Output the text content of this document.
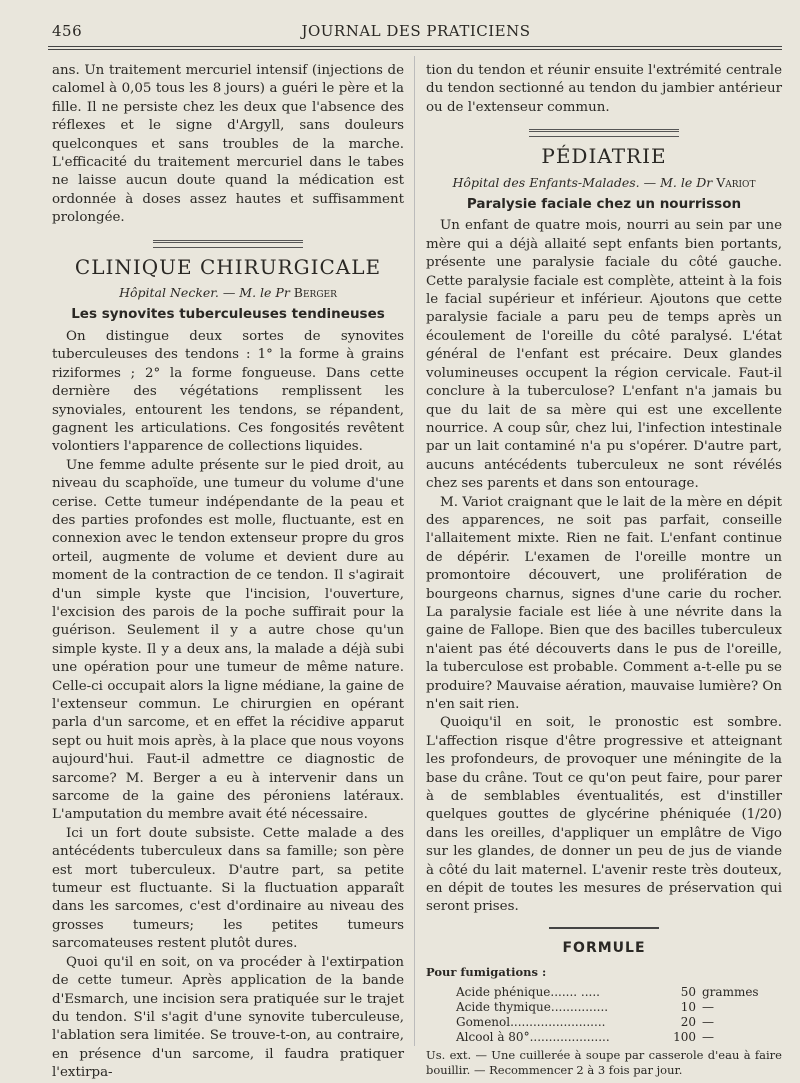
456	JOURNAL DES PRATICIENS

ans. Un traitement mercuriel intensif (injections de calomel à 0,05 tous les 8 jours) a guéri le père et la fille. Il ne persiste chez les deux que l'absence des réflexes et le signe d'Argyll, sans douleurs quelconques et sans troubles de la marche. L'efficacité du traitement mercuriel dans le tabes ne laisse aucun doute quand la médication est ordonnée à doses assez hautes et suffisamment prolongée.

CLINIQUE CHIRURGICALE
Hôpital Necker. — M. le Pr Berger
Les synovites tuberculeuses tendineuses

On distingue deux sortes de synovites tuberculeuses des tendons : 1° la forme à grains riziformes ; 2° la forme fongueuse. Dans cette dernière des végétations remplissent les synoviales, entourent les tendons, se répandent, gagnent les articulations. Ces fongosités revêtent volontiers l'apparence de collections liquides.

Une femme adulte présente sur le pied droit, au niveau du scaphoïde, une tumeur du volume d'une cerise. Cette tumeur indépendante de la peau et des parties profondes est molle, fluctuante, est en connexion avec le tendon extenseur propre du gros orteil, augmente de volume et devient dure au moment de la contraction de ce tendon. Il s'agirait d'un simple kyste que l'incision, l'ouverture, l'excision des parois de la poche suffirait pour la guérison. Seulement il y a autre chose qu'un simple kyste. Il y a deux ans, la malade a déjà subi une opération pour une tumeur de même nature. Celle-ci occupait alors la ligne médiane, la gaine de l'extenseur commun. Le chirurgien en opérant parla d'un sarcome, et en effet la récidive apparut sept ou huit mois après, à la place que nous voyons aujourd'hui. Faut-il admettre ce diagnostic de sarcome? M. Berger a eu à intervenir dans un sarcome de la gaine des péroniens latéraux. L'amputation du membre avait été nécessaire.

Ici un fort doute subsiste. Cette malade a des antécédents tuberculeux dans sa famille; son père est mort tuberculeux. D'autre part, sa petite tumeur est fluctuante. Si la fluctuation apparaît dans les sarcomes, c'est d'ordinaire au niveau des grosses tumeurs; les petites tumeurs sarcomateuses restent plutôt dures.

Quoi qu'il en soit, on va procéder à l'extirpation de cette tumeur. Après application de la bande d'Esmarch, une incision sera pratiquée sur le trajet du tendon. S'il s'agit d'une synovite tuberculeuse, l'ablation sera limitée. Se trouve-t-on, au contraire, en présence d'un sarcome, il faudra pratiquer l'extirpa-

tion du tendon et réunir ensuite l'extrémité centrale du tendon sectionné au tendon du jambier antérieur ou de l'extenseur commun.

PÉDIATRIE
Hôpital des Enfants-Malades. — M. le Dr Variot
Paralysie faciale chez un nourrisson

Un enfant de quatre mois, nourri au sein par une mère qui a déjà allaité sept enfants bien portants, présente une paralysie faciale du côté gauche. Cette paralysie faciale est complète, atteint à la fois le facial supérieur et inférieur. Ajoutons que cette paralysie faciale a paru peu de temps après un écoulement de l'oreille du côté paralysé. L'état général de l'enfant est précaire. Deux glandes volumineuses occupent la région cervicale. Faut-il conclure à la tuberculose? L'enfant n'a jamais bu que du lait de sa mère qui est une excellente nourrice. A coup sûr, chez lui, l'infection intestinale par un lait contaminé n'a pu s'opérer. D'autre part, aucuns antécédents tuberculeux ne sont révélés chez ses parents et dans son entourage.

M. Variot craignant que le lait de la mère en dépit des apparences, ne soit pas parfait, conseille l'allaitement mixte. Rien ne fait. L'enfant continue de dépérir. L'examen de l'oreille montre un promontoire découvert, une prolifération de bourgeons charnus, signes d'une carie du rocher. La paralysie faciale est liée à une névrite dans la gaine de Fallope. Bien que des bacilles tuberculeux n'aient pas été découverts dans le pus de l'oreille, la tuberculose est probable. Comment a-t-elle pu se produire? Mauvaise aération, mauvaise lumière? On n'en sait rien.

Quoiqu'il en soit, le pronostic est sombre. L'affection risque d'être progressive et atteignant les profondeurs, de provoquer une méningite de la base du crâne. Tout ce qu'on peut faire, pour parer à de semblables éventualités, est d'instiller quelques gouttes de glycérine phéniquée (1/20) dans les oreilles, d'appliquer un emplâtre de Vigo sur les glandes, de donner un peu de jus de viande à côté du lait maternel. L'avenir reste très douteux, en dépit de toutes les mesures de préservation qui seront prises.

FORMULE
Pour fumigations :
Acide phénique....... .....	50	grammes
Acide thymique...............	10	—
Gomenol.........................	20	—
Alcool à 80°.....................	100	—

Us. ext. — Une cuillerée à soupe par casserole d'eau à faire bouillir. — Recommencer 2 à 3 fois par jour.
